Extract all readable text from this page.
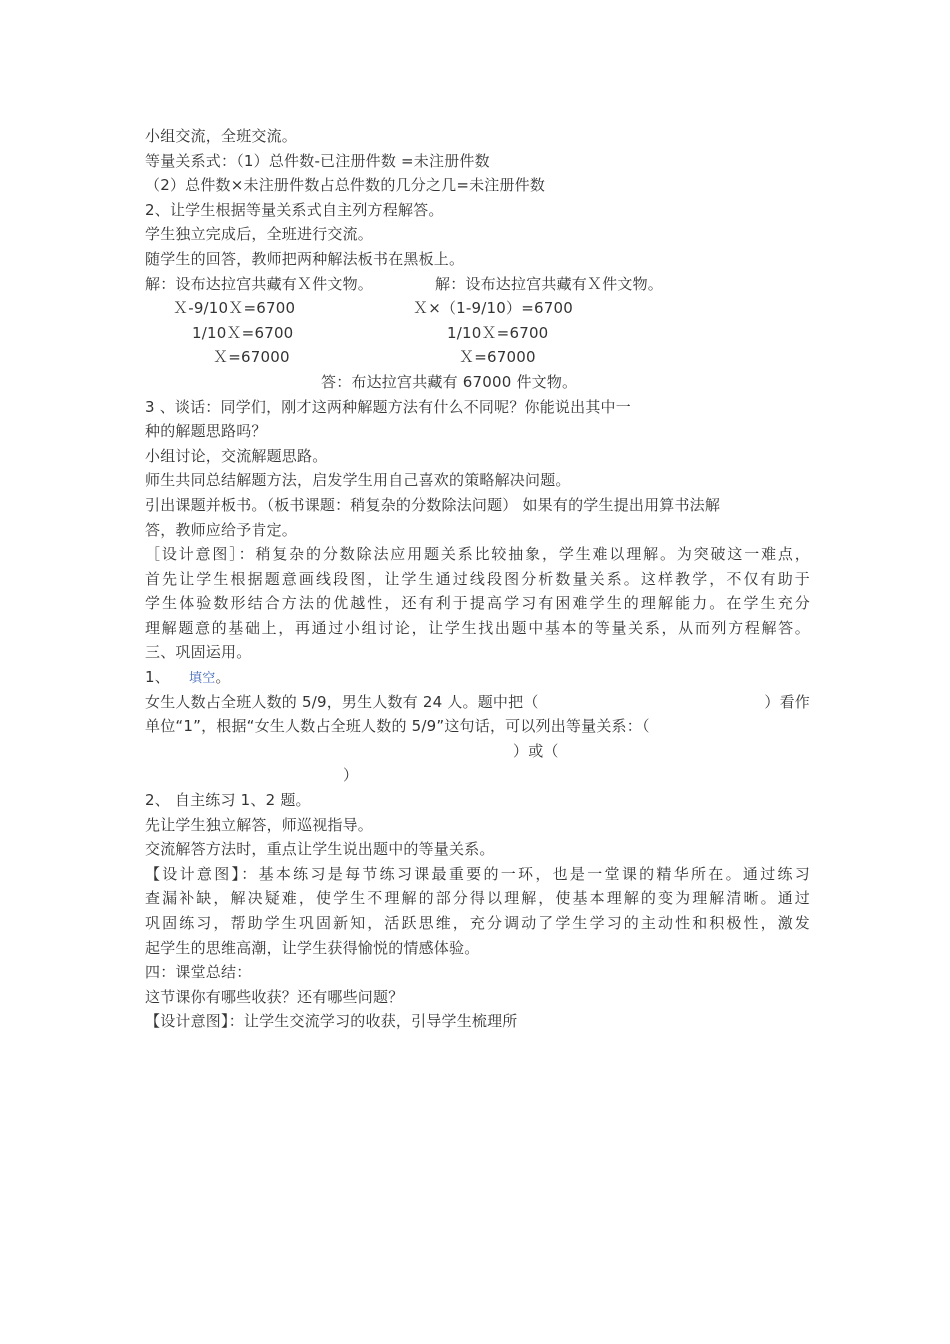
小组交流，全班交流。
等量关系式：（1）总件数-已注册件数 =未注册件数
（2）总件数×未注册件数占总件数的几分之几=未注册件数
2、让学生根据等量关系式自主列方程解答。
学生独立完成后，全班进行交流。
随学生的回答，教师把两种解法板书在黑板上。
解：设布达拉宫共藏有Ｘ件文物。	解：设布达拉宫共藏有Ｘ件文物。
Ｘ-9/10Ｘ=6700	Ｘ×（1-9/10）=6700
1/10Ｘ=6700	1/10Ｘ=6700
Ｘ=67000	Ｘ=67000
答：布达拉宫共藏有 67000 件文物。
3 、谈话：同学们，刚才这两种解题方法有什么不同呢？你能说出其中一
种的解题思路吗？
小组讨论，交流解题思路。
师生共同总结解题方法，启发学生用自己喜欢的策略解决问题。
引出课题并板书。（板书课题：稍复杂的分数除法问题） 如果有的学生提出用算书法解
答，教师应给予肯定。
［设计意图］：稍复杂的分数除法应用题关系比较抽象，学生难以理解。为突破这一难点，
首先让学生根据题意画线段图，让学生通过线段图分析数量关系。这样教学，不仅有助于
学生体验数形结合方法的优越性，还有利于提高学习有困难学生的理解能力。在学生充分
理解题意的基础上，再通过小组讨论，让学生找出题中基本的等量关系，从而列方程解答。
三、巩固运用。
1、 填空。
女生人数占全班人数的 5/9，男生人数有 24 人。题中把（	）看作
单位“1”，根据“女生人数占全班人数的 5/9”这句话，可以列出等量关系：（
）或（
）
2、 自主练习 1、2 题。
先让学生独立解答，师巡视指导。
交流解答方法时，重点让学生说出题中的等量关系。
【设计意图】：基本练习是每节练习课最重要的一环，也是一堂课的精华所在。通过练习
查漏补缺，解决疑难，使学生不理解的部分得以理解，使基本理解的变为理解清晰。通过
巩固练习，帮助学生巩固新知，活跃思维，充分调动了学生学习的主动性和积极性，激发
起学生的思维高潮，让学生获得愉悦的情感体验。
四：课堂总结：
这节课你有哪些收获？还有哪些问题？
【设计意图】：让学生交流学习的收获，引导学生梳理所
